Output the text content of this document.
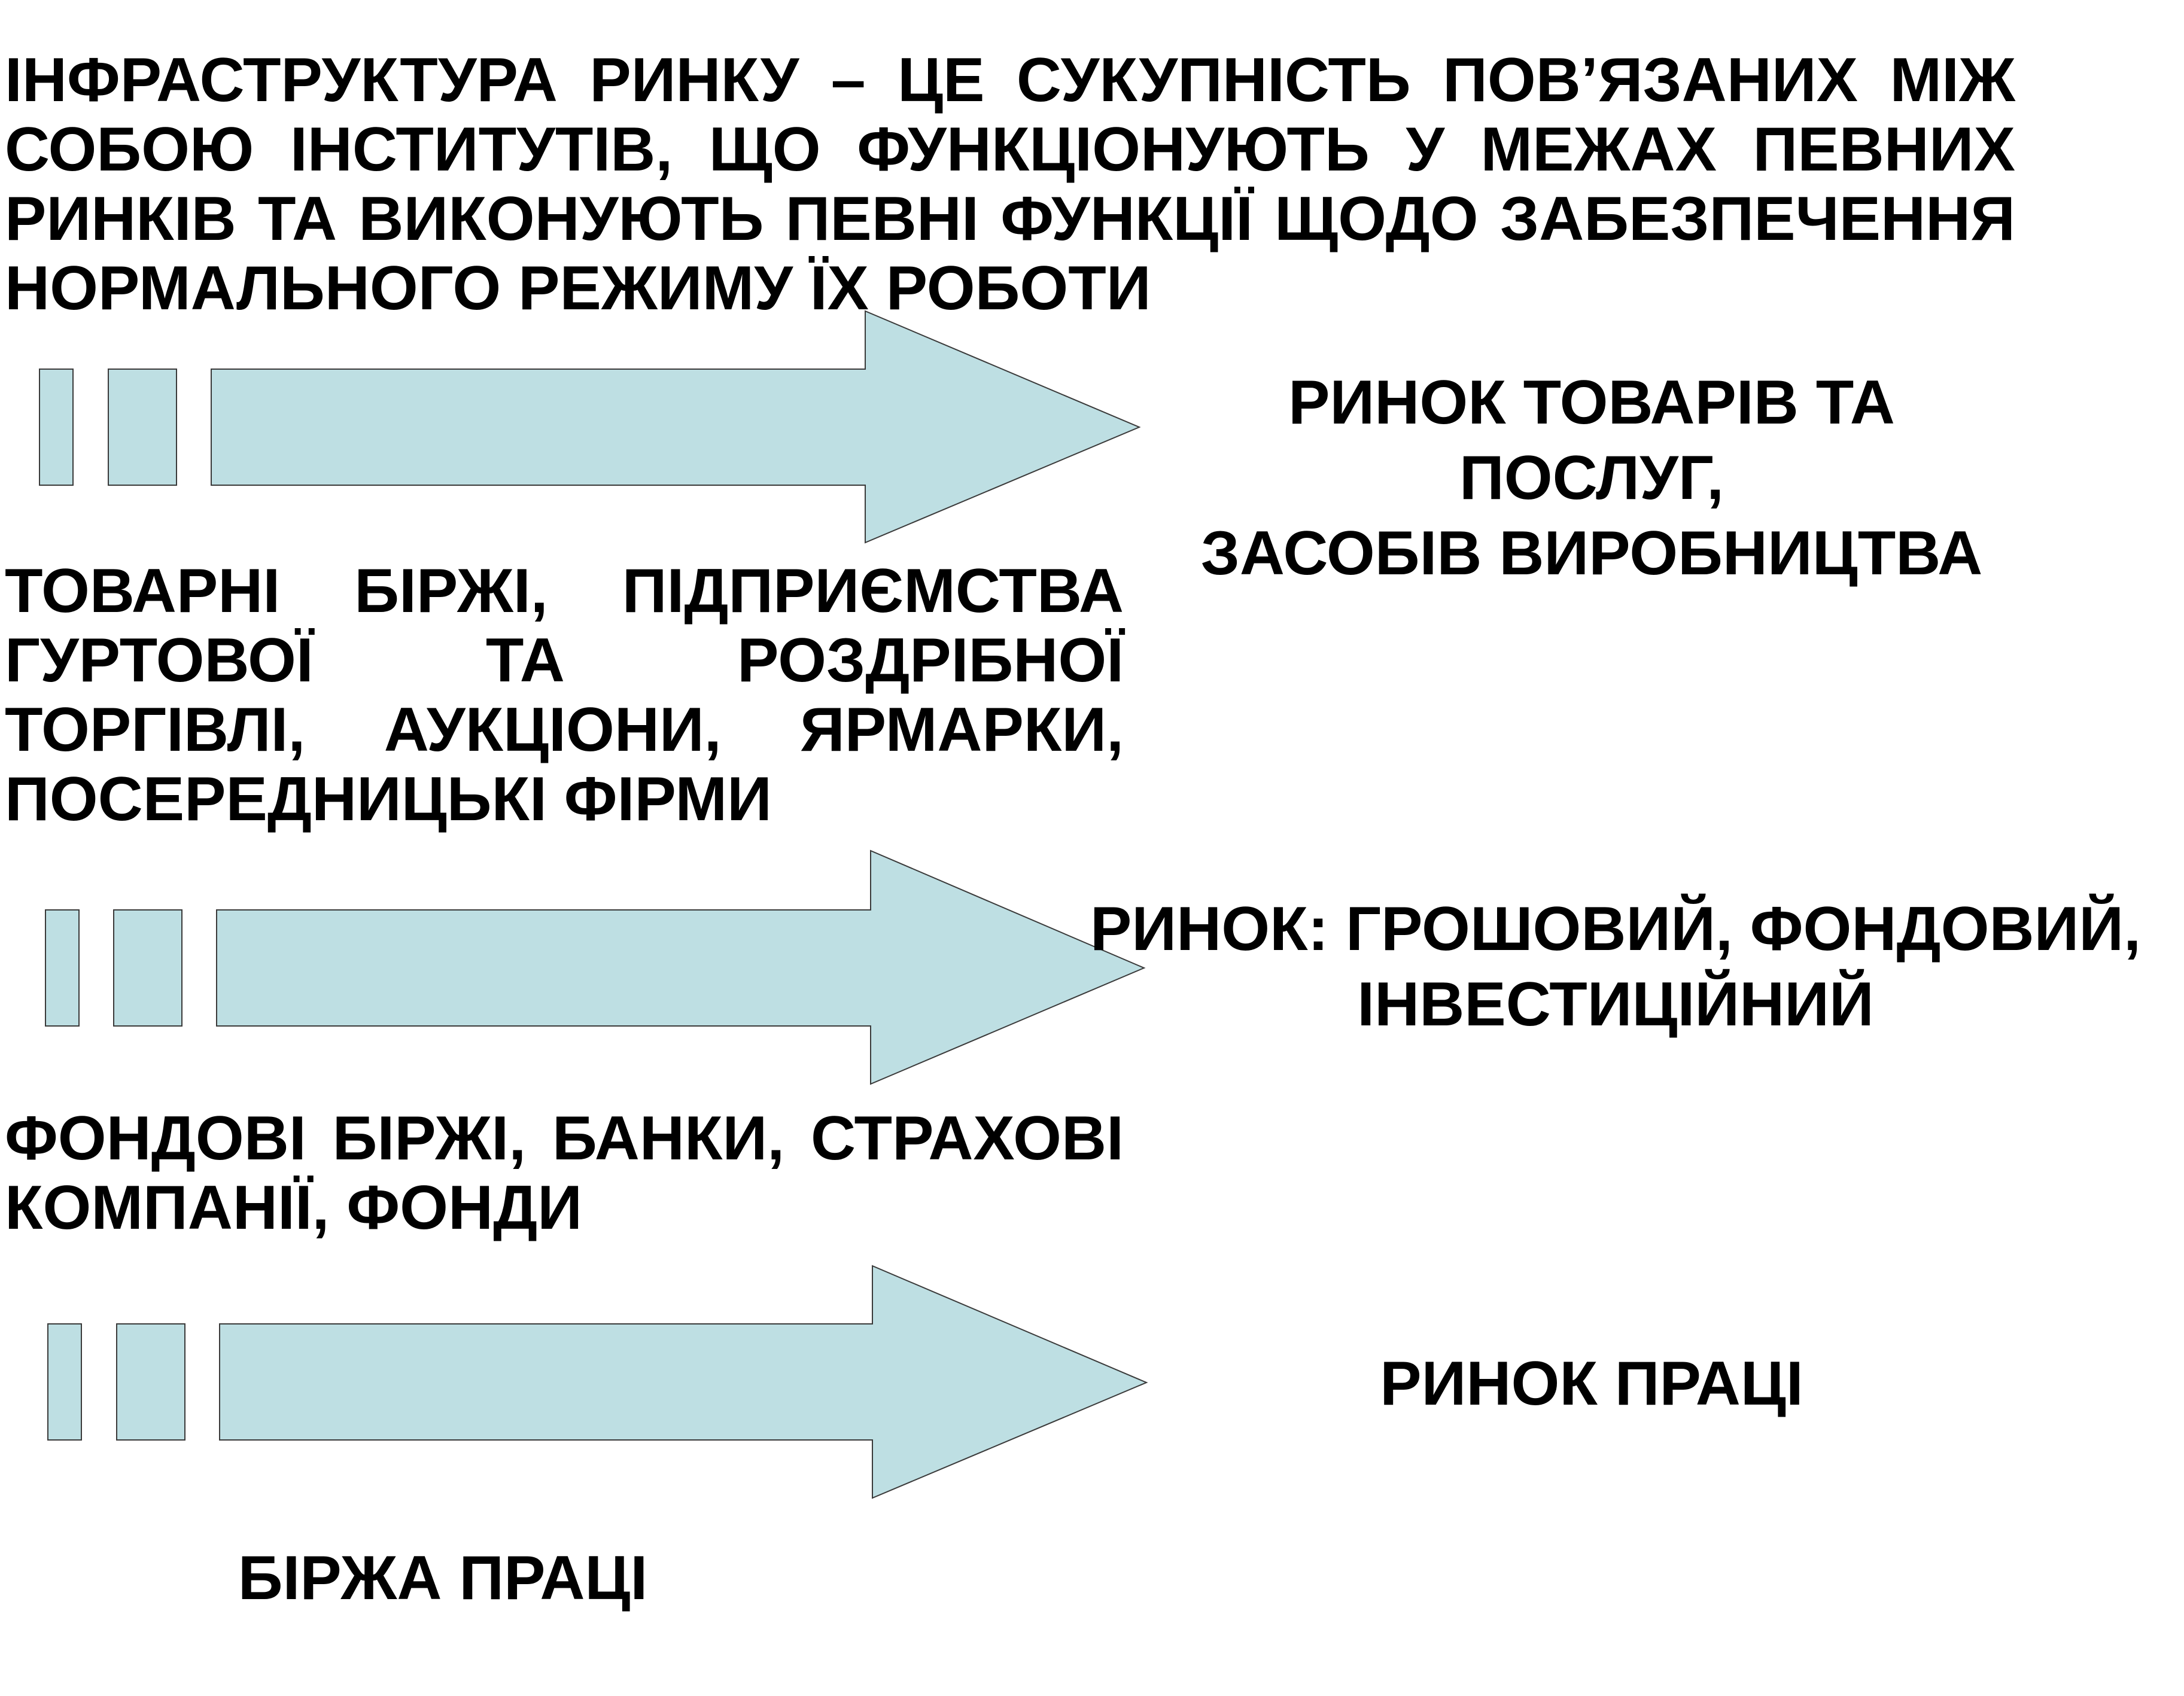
ІНФРАСТРУКТУРА РИНКУ – ЦЕ СУКУПНІСТЬ ПОВ’ЯЗАНИХ МІЖ СОБОЮ ІНСТИТУТІВ, ЩО ФУНКЦІОНУЮТЬ У МЕЖАХ ПЕВНИХ РИНКІВ ТА ВИКОНУЮТЬ ПЕВНІ ФУНКЦІЇ ЩОДО ЗАБЕЗПЕЧЕННЯ НОРМАЛЬНОГО РЕЖИМУ ЇХ РОБОТИ

РИНОК ТОВАРІВ ТА
ПОСЛУГ,
ЗАСОБІВ ВИРОБНИЦТВА
ФОНДОВІ БІРЖІ, БАНКИ, СТРАХОВІ КОМПАНІЇ, ФОНДИ
ТОВАРНІ БІРЖІ, ПІДПРИЄМСТВА ГУРТОВОЇ ТА РОЗДРІБНОЇ ТОРГІВЛІ, АУКЦІОНИ, ЯРМАРКИ, ПОСЕРЕДНИЦЬКІ ФІРМИ
РИНОК: ГРОШОВИЙ, ФОНДОВИЙ,
ІНВЕСТИЦІЙНИЙ
РИНОК ПРАЦІ
БІРЖА ПРАЦІ
